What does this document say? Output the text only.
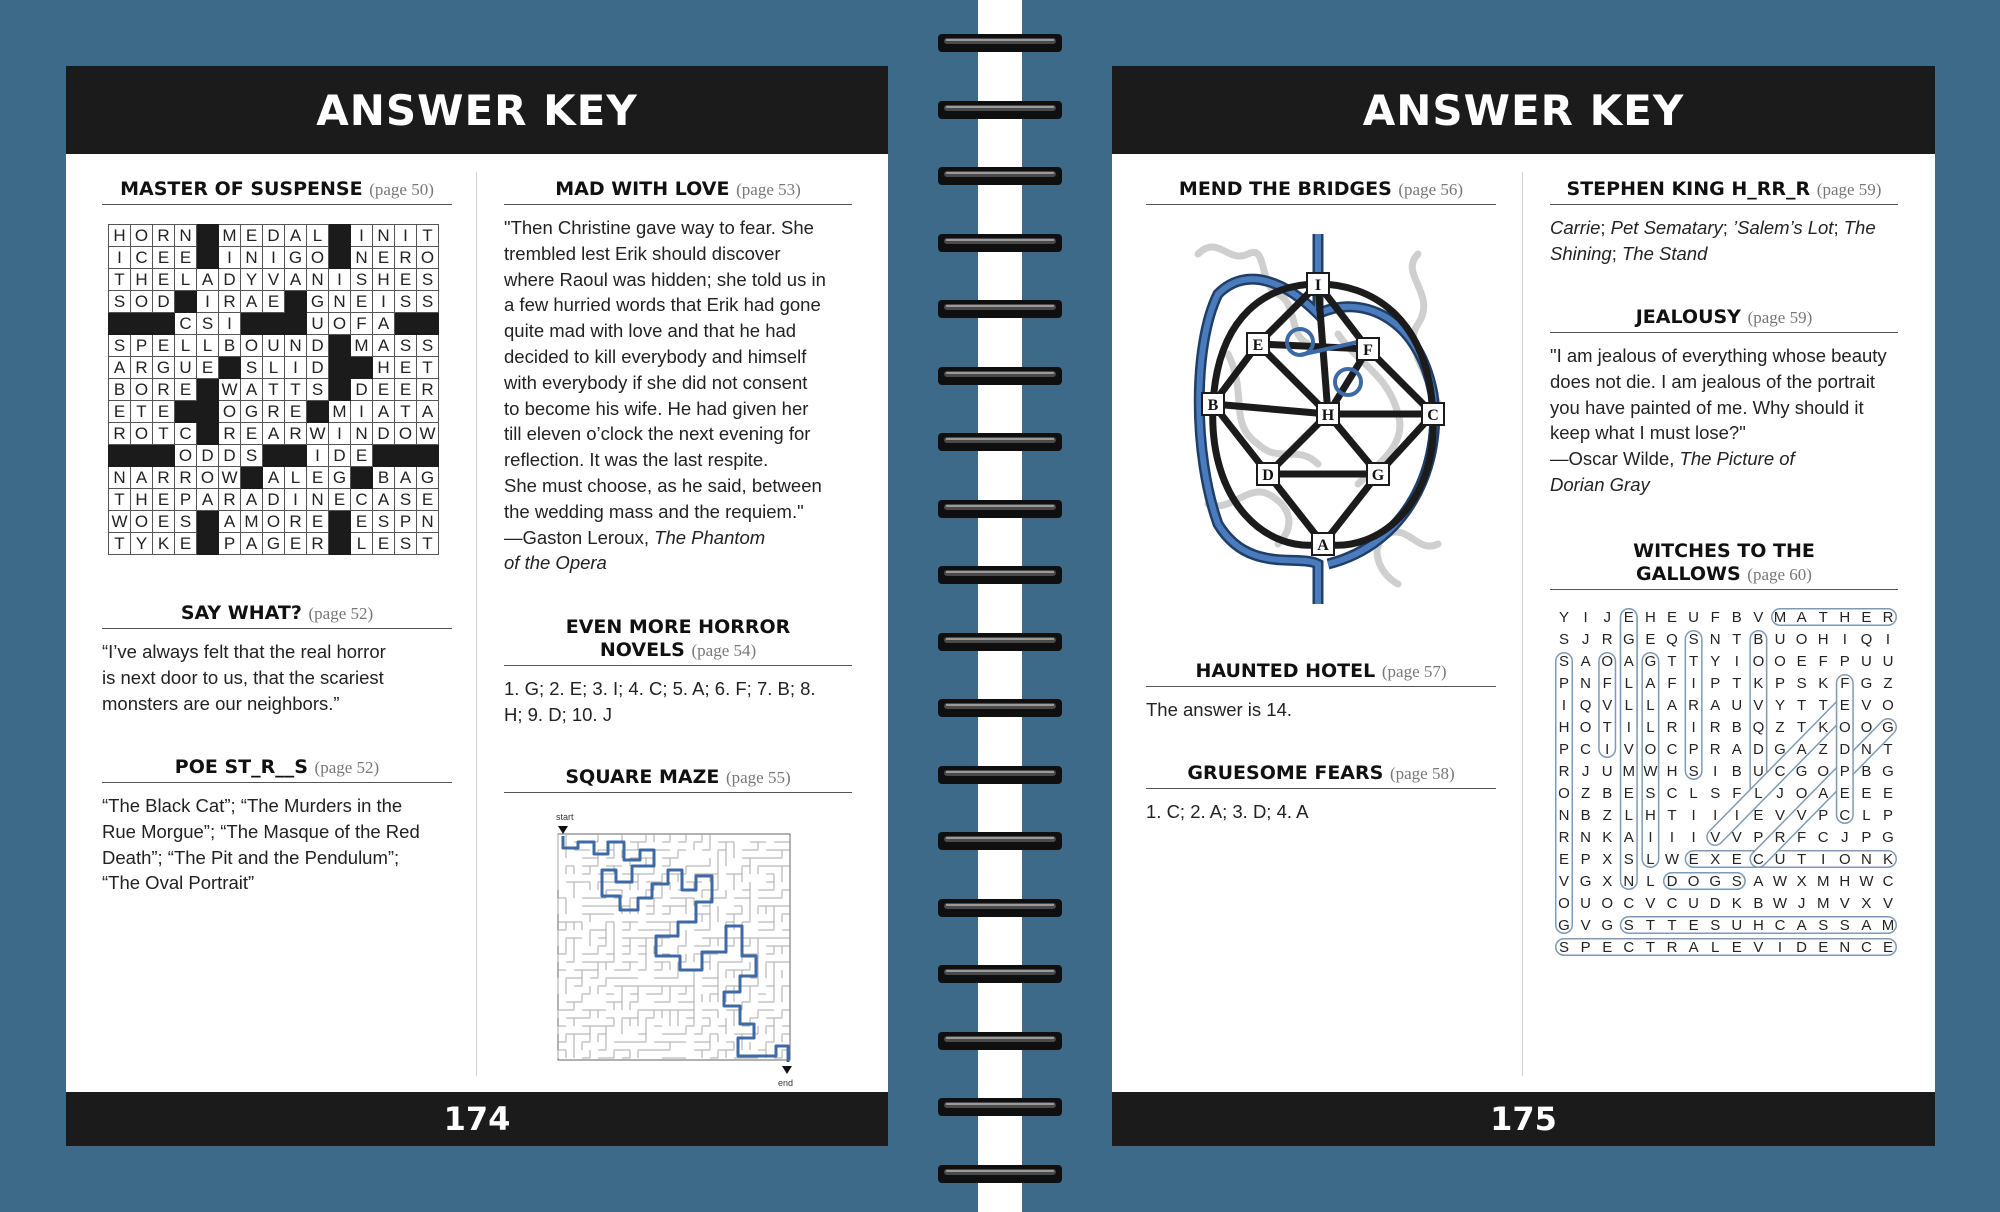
ANSWER KEY
MASTER OF SUSPENSE (page 50)
H	O	R	N		M	E	D	A	L		I	N	I	T
I	C	E	E		I	N	I	G	O		N	E	R	O
T	H	E	L	A	D	Y	V	A	N	I	S	H	E	S
S	O	D		I	R	A	E		G	N	E	I	S	S
			C	S	I				U	O	F	A		
S	P	E	L	L	B	O	U	N	D		M	A	S	S
A	R	G	U	E		S	L	I	D			H	E	T
B	O	R	E		W	A	T	T	S		D	E	E	R
E	T	E			O	G	R	E		M	I	A	T	A
R	O	T	C		R	E	A	R	W	I	N	D	O	W
			O	D	D	S			I	D	E			
N	A	R	R	O	W		A	L	E	G		B	A	G
T	H	E	P	A	R	A	D	I	N	E	C	A	S	E
W	O	E	S		A	M	O	R	E		E	S	P	N
T	Y	K	E		P	A	G	E	R		L	E	S	T
SAY WHAT? (page 52)
“I’ve always felt that the real horror
is next door to us, that the scariest
monsters are our neighbors.”
POE ST_R__S (page 52)
“The Black Cat”; “The Murders in the
Rue Morgue”; “The Masque of the Red
Death”; “The Pit and the Pendulum”;
“The Oval Portrait”
MAD WITH LOVE (page 53)
"Then Christine gave way to fear. She
trembled lest Erik should discover
where Raoul was hidden; she told us in
a few hurried words that Erik had gone
quite mad with love and that he had
decided to kill everybody and himself
with everybody if she did not consent
to become his wife. He had given her
till eleven o’clock the next evening for
reflection. It was the last respite.
She must choose, as he said, between
the wedding mass and the requiem."
—Gaston Leroux, The Phantom
of the Opera
EVEN MORE HORROR
NOVELS (page 54)
1. G; 2. E; 3. I; 4. C; 5. A; 6. F; 7. B; 8.
H; 9. D; 10. J
SQUARE MAZE (page 55)
start
end
174
ANSWER KEY
MEND THE BRIDGES (page 56)
I
E	F
B
H	C
D	G
A
HAUNTED HOTEL (page 57)
The answer is 14.
GRUESOME FEARS (page 58)
1. C; 2. A; 3. D; 4. A
STEPHEN KING H_RR_R (page 59)
Carrie; Pet Sematary; ’Salem’s Lot; The
Shining; The Stand
JEALOUSY (page 59)
"I am jealous of everything whose beauty
does not die. I am jealous of the portrait
you have painted of me. Why should it
keep what I must lose?"
—Oscar Wilde, The Picture of
Dorian Gray
WITCHES TO THE
GALLOWS (page 60)
Y I J E H E U F B V M A T H E R
S J R G E Q S N T B U O H I Q I
S A O A G T T Y I O O E F P U U
P N F L A F I P T K P S K F G Z
I Q V L L A R A U V Y T T E V O
H O T I L R I R B Q Z T K O O G
P C I V O C P R A D G A Z D N T
R J U M W H S I B U C G O P B G
O Z B E S C L S F L J O A E E E
N B Z L H T I I I E V V P C L P
R N K A I I I V V P R F C J P G
E P X S L W E X E C U T I O N K
V G X N L D O G S A W X M H W C
O U O C V C U D K B W J M V X V
G V G S T T E S U H C A S S A M
S P E C T R A L E V I D E N C E
175
